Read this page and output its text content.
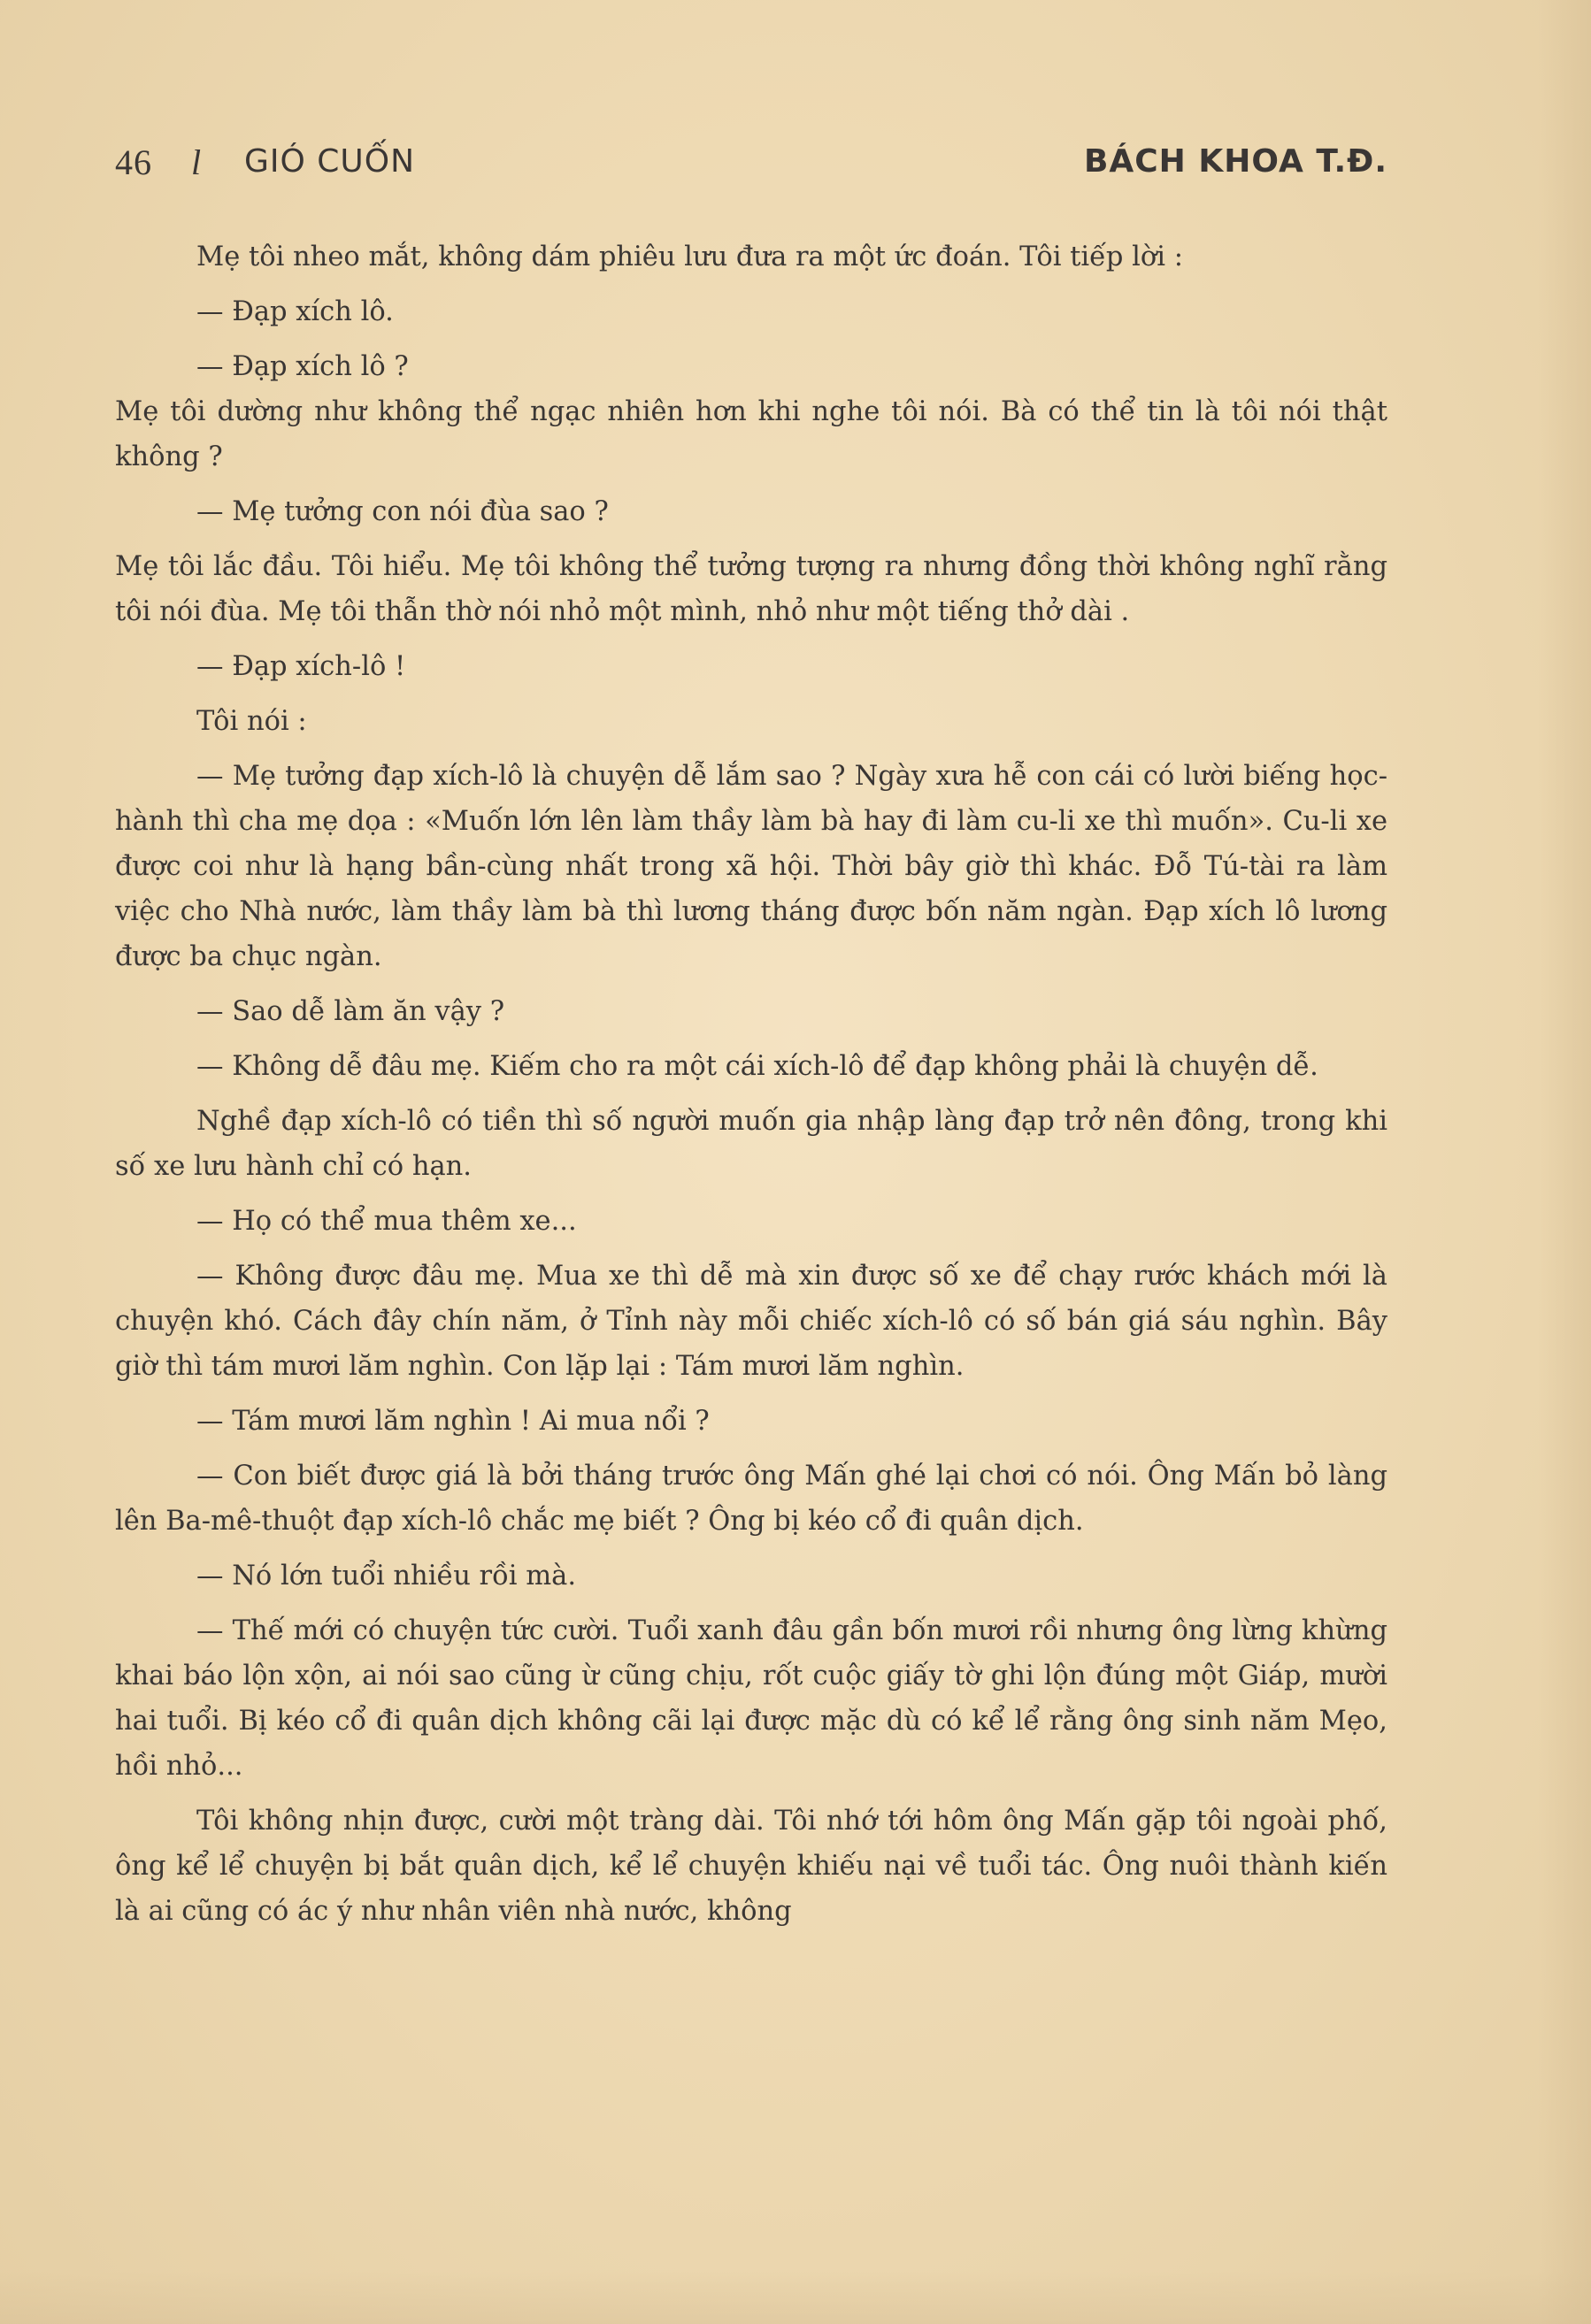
46 l GIÓ CUỐN	BÁCH KHOA T.Đ.

Mẹ tôi nheo mắt, không dám phiêu lưu đưa ra một ức đoán. Tôi tiếp lời :

— Đạp xích lô.

— Đạp xích lô ?

Mẹ tôi dường như không thể ngạc nhiên hơn khi nghe tôi nói. Bà có thể tin là tôi nói thật không ?

— Mẹ tưởng con nói đùa sao ?

Mẹ tôi lắc đầu. Tôi hiểu. Mẹ tôi không thể tưởng tượng ra nhưng đồng thời không nghĩ rằng tôi nói đùa. Mẹ tôi thẫn thờ nói nhỏ một mình, nhỏ như một tiếng thở dài .

— Đạp xích-lô !

Tôi nói :

— Mẹ tưởng đạp xích-lô là chuyện dễ lắm sao ? Ngày xưa hễ con cái có lười biếng học-hành thì cha mẹ dọa : «Muốn lớn lên làm thầy làm bà hay đi làm cu-li xe thì muốn». Cu-li xe được coi như là hạng bần-cùng nhất trong xã hội. Thời bây giờ thì khác. Đỗ Tú-tài ra làm việc cho Nhà nước, làm thầy làm bà thì lương tháng được bốn năm ngàn. Đạp xích lô lương được ba chục ngàn.

— Sao dễ làm ăn vậy ?

— Không dễ đâu mẹ. Kiếm cho ra một cái xích-lô để đạp không phải là chuyện dễ.

Nghề đạp xích-lô có tiền thì số người muốn gia nhập làng đạp trở nên đông, trong khi số xe lưu hành chỉ có hạn.

— Họ có thể mua thêm xe...

— Không được đâu mẹ. Mua xe thì dễ mà xin được số xe để chạy rước khách mới là chuyện khó. Cách đây chín năm, ở Tỉnh này mỗi chiếc xích-lô có số bán giá sáu nghìn. Bây giờ thì tám mươi lăm nghìn. Con lặp lại : Tám mươi lăm nghìn.

— Tám mươi lăm nghìn ! Ai mua nổi ?

— Con biết được giá là bởi tháng trước ông Mấn ghé lại chơi có nói. Ông Mấn bỏ làng lên Ba-mê-thuột đạp xích-lô chắc mẹ biết ? Ông bị kéo cổ đi quân dịch.

— Nó lớn tuổi nhiều rồi mà.

— Thế mới có chuyện tức cười. Tuổi xanh đâu gần bốn mươi rồi nhưng ông lừng khừng khai báo lộn xộn, ai nói sao cũng ừ cũng chịu, rốt cuộc giấy tờ ghi lộn đúng một Giáp, mười hai tuổi. Bị kéo cổ đi quân dịch không cãi lại được mặc dù có kể lể rằng ông sinh năm Mẹo, hồi nhỏ...

Tôi không nhịn được, cười một tràng dài. Tôi nhớ tới hôm ông Mấn gặp tôi ngoài phố, ông kể lể chuyện bị bắt quân dịch, kể lể chuyện khiếu nại về tuổi tác. Ông nuôi thành kiến là ai cũng có ác ý như nhân viên nhà nước, không
